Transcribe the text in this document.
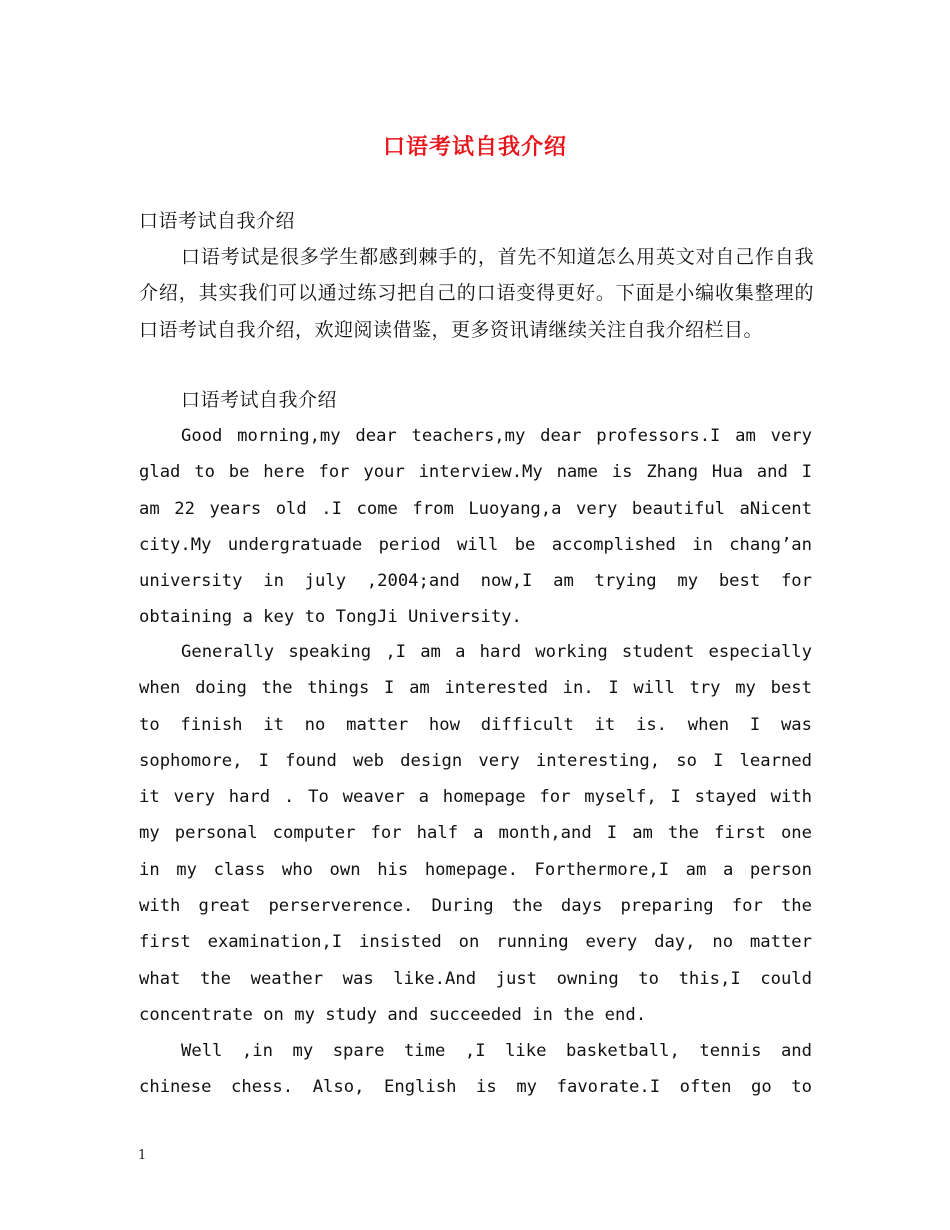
口语考试自我介绍

口语考试自我介绍

口语考试是很多学生都感到棘手的，首先不知道怎么用英文对自己作自我介绍，其实我们可以通过练习把自己的口语变得更好。下面是小编收集整理的口语考试自我介绍，欢迎阅读借鉴，更多资讯请继续关注自我介绍栏目。

口语考试自我介绍

Good morning,my dear teachers,my dear professors.I am very
glad to be here for your interview.My name is Zhang Hua and I
am 22 years old .I come from Luoyang,a very beautiful aNicent
city.My undergratuade period will be accomplished in chang’an
university in july ,2004;and now,I am trying my best for
obtaining a key to TongJi University.
Generally speaking ,I am a hard working student especially
when doing the things I am interested in. I will try my best
to finish it no matter how difficult it is. when I was
sophomore, I found web design very interesting, so I learned
it very hard . To weaver a homepage for myself, I stayed with
my personal computer for half a month,and I am the first one
in my class who own his homepage. Forthermore,I am a person
with great perserverence. During the days preparing for the
first examination,I insisted on running every day, no matter
what the weather was like.And just owning to this,I could
concentrate on my study and succeeded in the end.
Well ,in my spare time ,I like basketball, tennis and
chinese chess. Also, English is my favorate.I often go to
1
